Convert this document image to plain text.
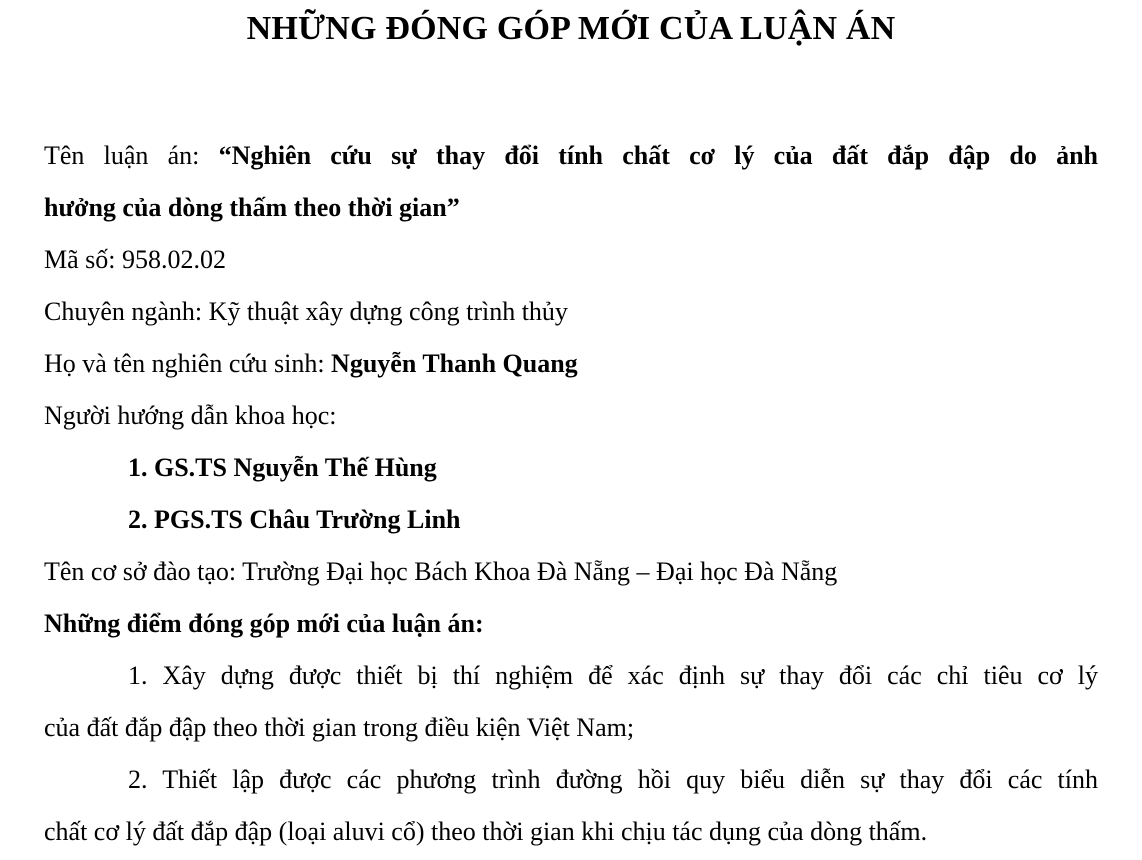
NHỮNG ĐÓNG GÓP MỚI CỦA LUẬN ÁN

Tên luận án: “Nghiên cứu sự thay đổi tính chất cơ lý của đất đắp đập do ảnh

hưởng của dòng thấm theo thời gian”

Mã số: 958.02.02

Chuyên ngành: Kỹ thuật xây dựng công trình thủy

Họ và tên nghiên cứu sinh: Nguyễn Thanh Quang

Người hướng dẫn khoa học:

1. GS.TS Nguyễn Thế Hùng

2. PGS.TS Châu Trường Linh

Tên cơ sở đào tạo: Trường Đại học Bách Khoa Đà Nẵng – Đại học Đà Nẵng

Những điểm đóng góp mới của luận án:

1. Xây dựng được thiết bị thí nghiệm để xác định sự thay đổi các chỉ tiêu cơ lý

của đất đắp đập theo thời gian trong điều kiện Việt Nam;

2. Thiết lập được các phương trình đường hồi quy biểu diễn sự thay đổi các tính

chất cơ lý đất đắp đập (loại aluvi cổ) theo thời gian khi chịu tác dụng của dòng thấm.
